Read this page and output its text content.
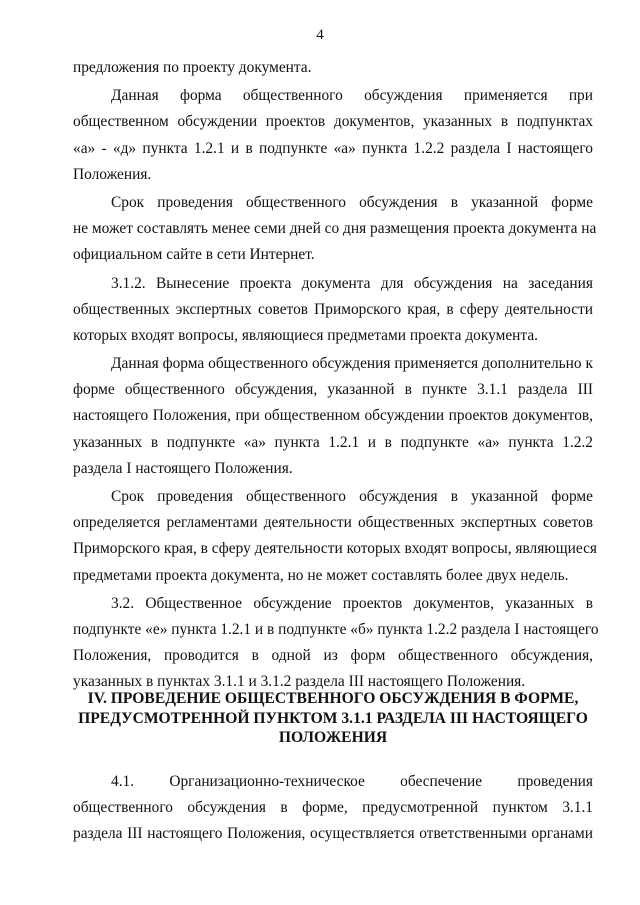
4
предложения по проекту документа.
Данная форма общественного обсуждения применяется при
общественном обсуждении проектов документов, указанных в подпунктах
«а» - «д» пункта 1.2.1 и в подпункте «а» пункта 1.2.2 раздела I настоящего
Положения.
Срок проведения общественного обсуждения в указанной форме
не может составлять менее семи дней со дня размещения проекта документа на
официальном сайте в сети Интернет.
3.1.2. Вынесение проекта документа для обсуждения на заседания
общественных экспертных советов Приморского края, в сферу деятельности
которых входят вопросы, являющиеся предметами проекта документа.
Данная форма общественного обсуждения применяется дополнительно к
форме общественного обсуждения, указанной в пункте 3.1.1 раздела III
настоящего Положения, при общественном обсуждении проектов документов,
указанных в подпункте «а» пункта 1.2.1 и в подпункте «а» пункта 1.2.2
раздела I настоящего Положения.
Срок проведения общественного обсуждения в указанной форме
определяется регламентами деятельности общественных экспертных советов
Приморского края, в сферу деятельности которых входят вопросы, являющиеся
предметами проекта документа, но не может составлять более двух недель.
3.2. Общественное обсуждение проектов документов, указанных в
подпункте «е» пункта 1.2.1 и в подпункте «б» пункта 1.2.2 раздела I настоящего
Положения, проводится в одной из форм общественного обсуждения,
указанных в пунктах 3.1.1 и 3.1.2 раздела III настоящего Положения.
IV. ПРОВЕДЕНИЕ ОБЩЕСТВЕННОГО ОБСУЖДЕНИЯ В ФОРМЕ,
ПРЕДУСМОТРЕННОЙ ПУНКТОМ 3.1.1 РАЗДЕЛА III НАСТОЯЩЕГО
ПОЛОЖЕНИЯ
4.1. Организационно-техническое обеспечение проведения
общественного обсуждения в форме, предусмотренной пунктом 3.1.1
раздела III настоящего Положения, осуществляется ответственными органами
